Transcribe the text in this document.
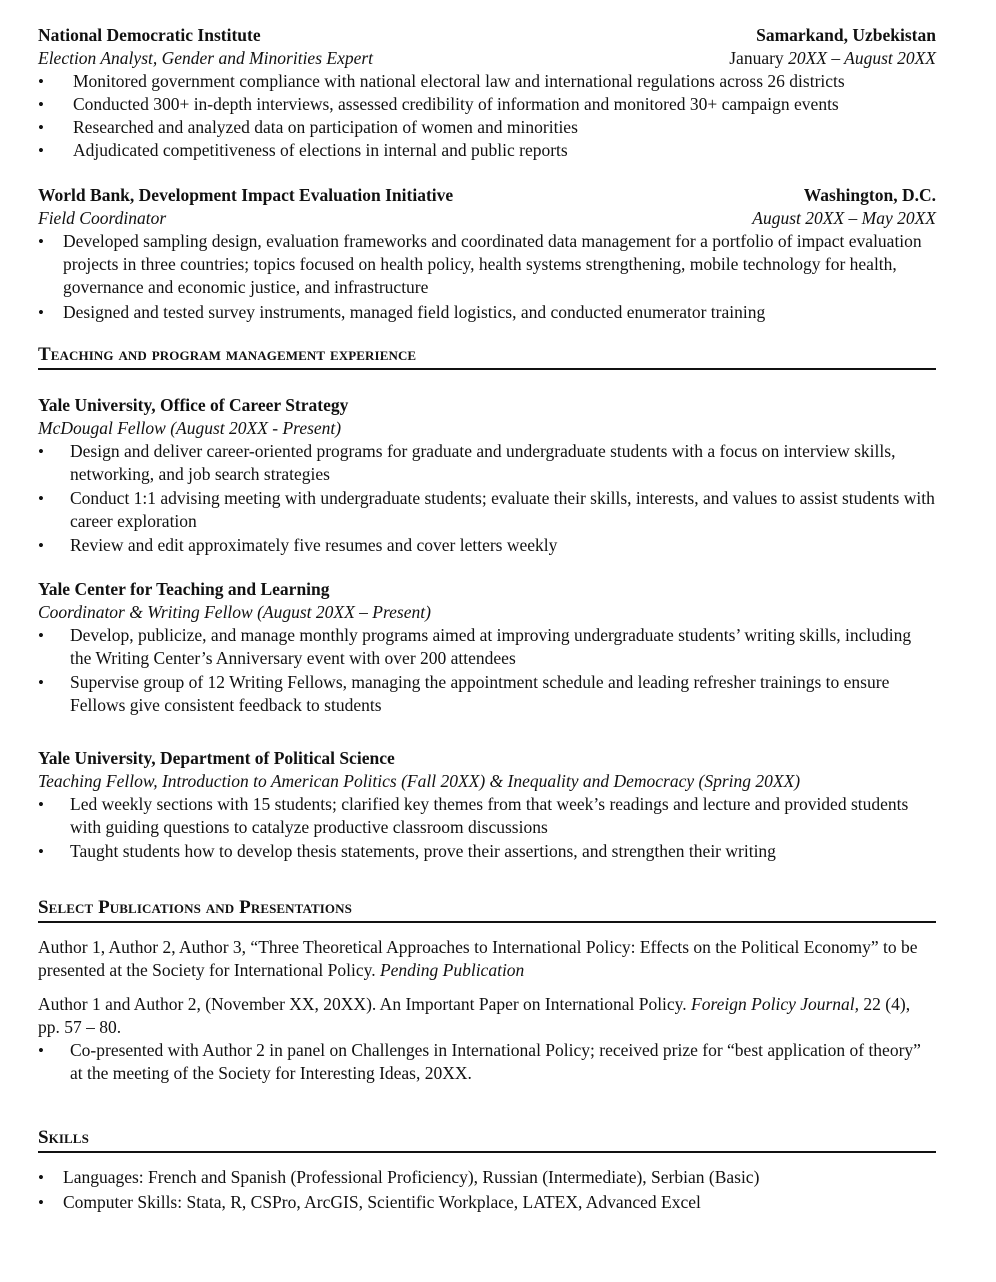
National Democratic Institute	Samarkand, Uzbekistan
Election Analyst, Gender and Minorities Expert	January 20XX – August 20XX
• Monitored government compliance with national electoral law and international regulations across 26 districts
• Conducted 300+ in-depth interviews, assessed credibility of information and monitored 30+ campaign events
• Researched and analyzed data on participation of women and minorities
• Adjudicated competitiveness of elections in internal and public reports
World Bank, Development Impact Evaluation Initiative	Washington, D.C.
Field Coordinator	August 20XX – May 20XX
• Developed sampling design, evaluation frameworks and coordinated data management for a portfolio of impact evaluation projects in three countries; topics focused on health policy, health systems strengthening, mobile technology for health, governance and economic justice, and infrastructure
• Designed and tested survey instruments, managed field logistics, and conducted enumerator training
Teaching and program management experience
Yale University, Office of Career Strategy
McDougal Fellow (August 20XX - Present)
• Design and deliver career-oriented programs for graduate and undergraduate students with a focus on interview skills, networking, and job search strategies
• Conduct 1:1 advising meeting with undergraduate students; evaluate their skills, interests, and values to assist students with career exploration
• Review and edit approximately five resumes and cover letters weekly
Yale Center for Teaching and Learning
Coordinator & Writing Fellow (August 20XX – Present)
• Develop, publicize, and manage monthly programs aimed at improving undergraduate students’ writing skills, including the Writing Center’s Anniversary event with over 200 attendees
• Supervise group of 12 Writing Fellows, managing the appointment schedule and leading refresher trainings to ensure Fellows give consistent feedback to students
Yale University, Department of Political Science
Teaching Fellow, Introduction to American Politics (Fall 20XX) & Inequality and Democracy (Spring 20XX)
• Led weekly sections with 15 students; clarified key themes from that week’s readings and lecture and provided students with guiding questions to catalyze productive classroom discussions
• Taught students how to develop thesis statements, prove their assertions, and strengthen their writing
Select Publications and Presentations

Author 1, Author 2, Author 3, “Three Theoretical Approaches to International Policy: Effects on the Political Economy” to be presented at the Society for International Policy. Pending Publication

Author 1 and Author 2, (November XX, 20XX). An Important Paper on International Policy. Foreign Policy Journal, 22 (4), pp. 57 – 80.

• Co-presented with Author 2 in panel on Challenges in International Policy; received prize for “best application of theory” at the meeting of the Society for Interesting Ideas, 20XX.
Skills
• Languages: French and Spanish (Professional Proficiency), Russian (Intermediate), Serbian (Basic)
• Computer Skills: Stata, R, CSPro, ArcGIS, Scientific Workplace, LATEX, Advanced Excel
